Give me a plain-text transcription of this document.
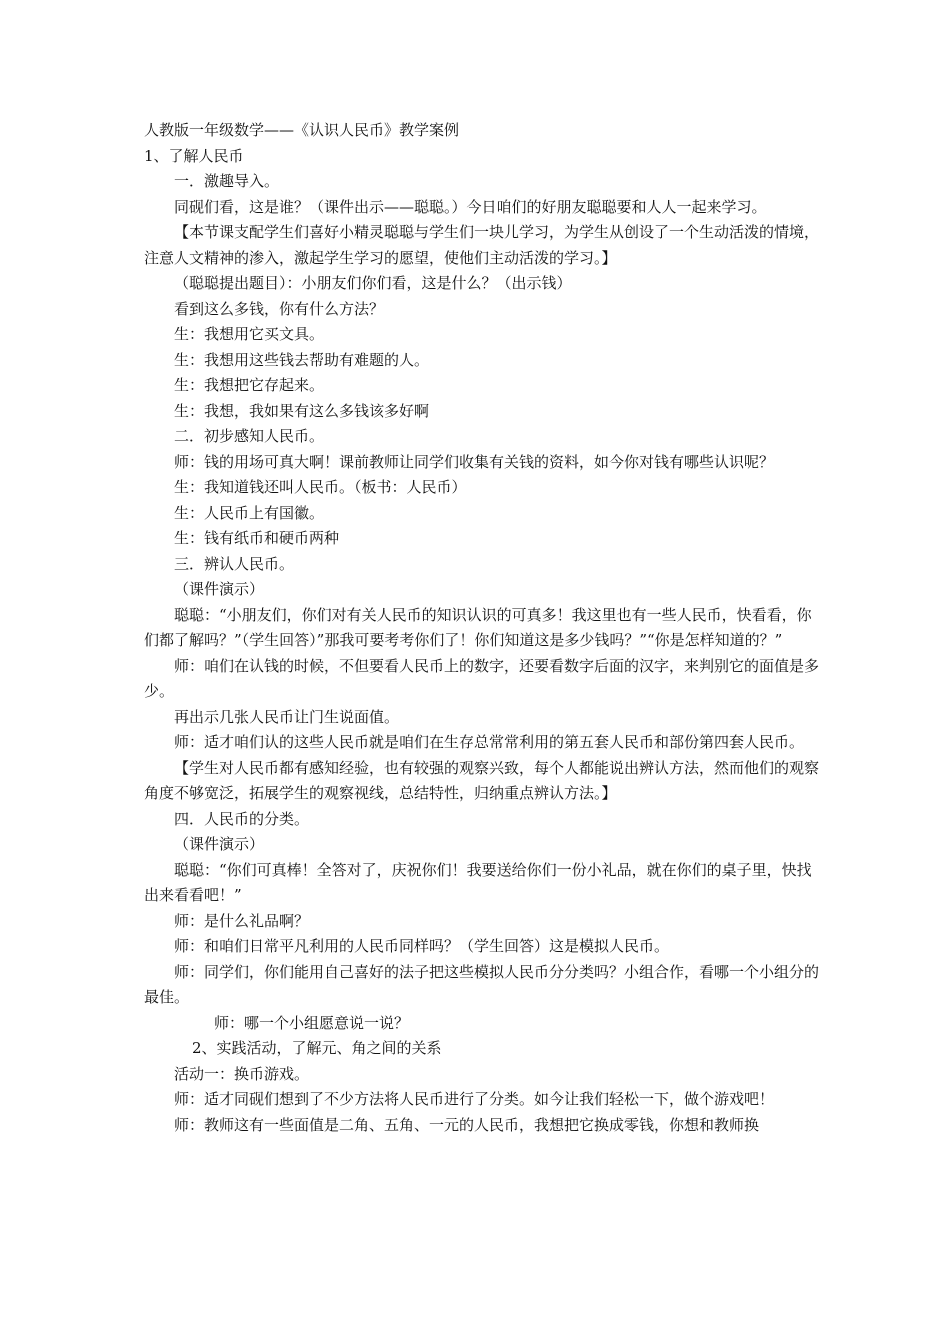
人教版一年级数学——《认识人民币》教学案例

1、了解人民币

一．激趣导入。

同砚们看，这是谁？（课件出示——聪聪。）今日咱们的好朋友聪聪要和人人一起来学习。

【本节课支配学生们喜好小精灵聪聪与学生们一块儿学习，为学生从创设了一个生动活泼的情境，注意人文精神的渗入，激起学生学习的愿望，使他们主动活泼的学习。】

（聪聪提出题目）：小朋友们你们看，这是什么？（出示钱）

看到这么多钱，你有什么方法？

生：我想用它买文具。

生：我想用这些钱去帮助有难题的人。

生：我想把它存起来。

生：我想，我如果有这么多钱该多好啊

二．初步感知人民币。

师：钱的用场可真大啊！课前教师让同学们收集有关钱的资料，如今你对钱有哪些认识呢？

生：我知道钱还叫人民币。（板书：人民币）

生：人民币上有国徽。

生：钱有纸币和硬币两种

三．辨认人民币。

（课件演示）

聪聪：“小朋友们，你们对有关人民币的知识认识的可真多！我这里也有一些人民币，快看看，你们都了解吗？”（学生回答）”那我可要考考你们了！你们知道这是多少钱吗？”“你是怎样知道的？”

师：咱们在认钱的时候，不但要看人民币上的数字，还要看数字后面的汉字，来判别它的面值是多少。

再出示几张人民币让门生说面值。

师：适才咱们认的这些人民币就是咱们在生存总常常利用的第五套人民币和部份第四套人民币。

【学生对人民币都有感知经验，也有较强的观察兴致，每个人都能说出辨认方法，然而他们的观察角度不够宽泛，拓展学生的观察视线，总结特性，归纳重点辨认方法。】

四．人民币的分类。

（课件演示）

聪聪：“你们可真棒！全答对了，庆祝你们！我要送给你们一份小礼品，就在你们的桌子里，快找出来看看吧！”

师：是什么礼品啊？

师：和咱们日常平凡利用的人民币同样吗？（学生回答）这是模拟人民币。

师：同学们，你们能用自己喜好的法子把这些模拟人民币分分类吗？小组合作，看哪一个小组分的最佳。

师：哪一个小组愿意说一说？

2、实践活动，了解元、角之间的关系

活动一：换币游戏。

师：适才同砚们想到了不少方法将人民币进行了分类。如今让我们轻松一下，做个游戏吧！

师：教师这有一些面值是二角、五角、一元的人民币，我想把它换成零钱，你想和教师换
